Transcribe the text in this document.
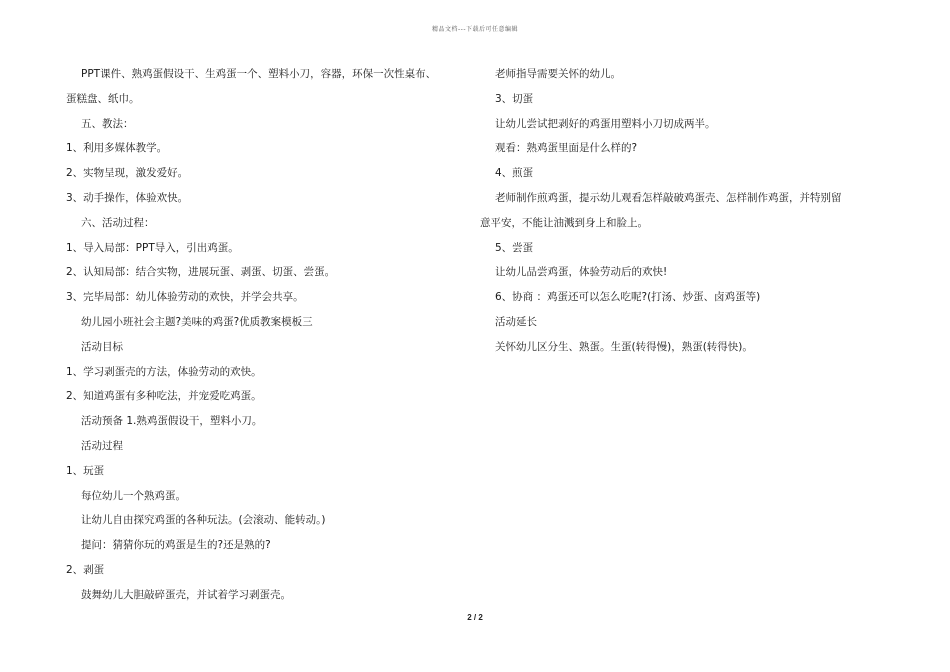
精品文档---下载后可任意编辑
PPT课件、熟鸡蛋假设干、生鸡蛋一个、塑料小刀，容器，环保一次性桌布、
蛋糕盘、纸巾。
五、教法：
1、利用多媒体教学。
2、实物呈现，激发爱好。
3、动手操作，体验欢快。
六、活动过程：
1、导入局部：PPT导入，引出鸡蛋。
2、认知局部：结合实物，进展玩蛋、剥蛋、切蛋、尝蛋。
3、完毕局部：幼儿体验劳动的欢快，并学会共享。
幼儿园小班社会主题?美味的鸡蛋?优质教案模板三
活动目标
1、学习剥蛋壳的方法，体验劳动的欢快。
2、知道鸡蛋有多种吃法，并宠爱吃鸡蛋。
活动预备 1.熟鸡蛋假设干，塑料小刀。
活动过程
1、玩蛋
每位幼儿一个熟鸡蛋。
让幼儿自由探究鸡蛋的各种玩法。(会滚动、能转动。)
提问：猜猜你玩的鸡蛋是生的?还是熟的?
2、剥蛋
鼓舞幼儿大胆敲碎蛋壳，并试着学习剥蛋壳。
老师指导需要关怀的幼儿。
3、切蛋
让幼儿尝试把剥好的鸡蛋用塑料小刀切成两半。
观看：熟鸡蛋里面是什么样的?
4、煎蛋
老师制作煎鸡蛋，提示幼儿观看怎样敲破鸡蛋壳、怎样制作鸡蛋，并特别留
意平安，不能让油溅到身上和脸上。
5、尝蛋
让幼儿品尝鸡蛋，体验劳动后的欢快!
6、协商 ：鸡蛋还可以怎么吃呢?(打汤、炒蛋、卤鸡蛋等)
活动延长
关怀幼儿区分生、熟蛋。生蛋(转得慢)，熟蛋(转得快)。
2 / 2
